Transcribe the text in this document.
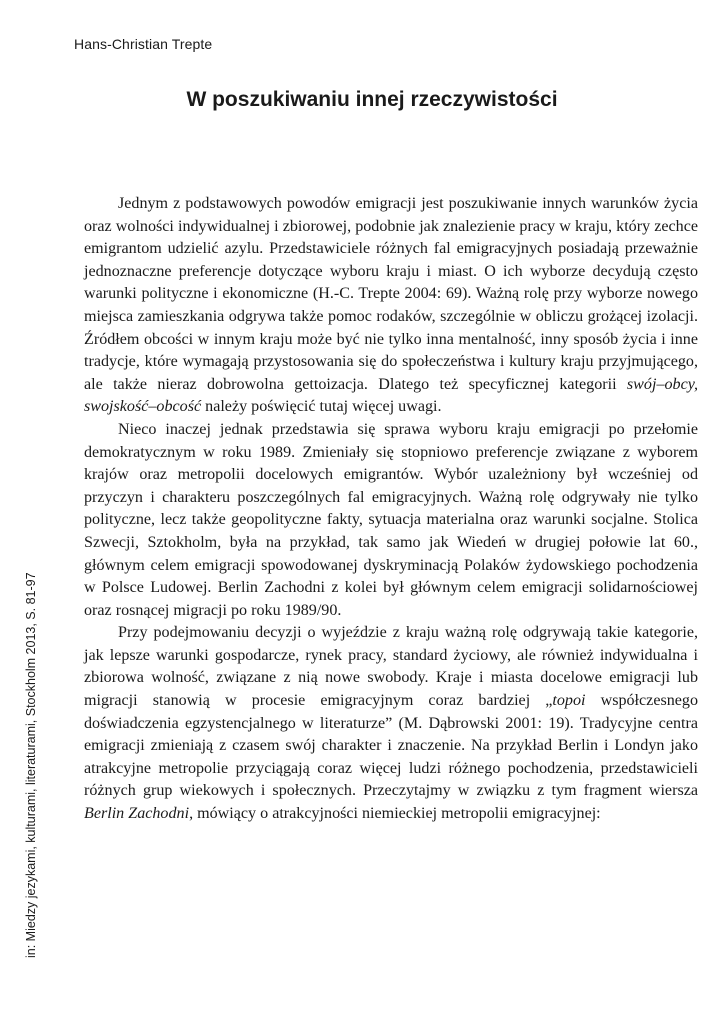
Hans-Christian Trepte
W poszukiwaniu innej rzeczywistości
in: Miedzy jezykami, kulturami, literaturami, Stockholm 2013, S. 81-97

Jednym z podstawowych powodów emigracji jest poszukiwanie innych warunków życia oraz wolności indywidualnej i zbiorowej, podobnie jak znalezienie pracy w kraju, który zechce emigrantom udzielić azylu. Przedstawiciele różnych fal emigracyjnych posiadają przeważnie jednoznaczne preferencje dotyczące wyboru kraju i miast. O ich wyborze decydują często warunki polityczne i ekonomiczne (H.-C. Trepte 2004: 69). Ważną rolę przy wyborze nowego miejsca zamieszkania odgrywa także pomoc rodaków, szczególnie w obliczu grożącej izolacji. Źródłem obcości w innym kraju może być nie tylko inna mentalność, inny sposób życia i inne tradycje, które wymagają przystosowania się do społeczeństwa i kultury kraju przyjmującego, ale także nieraz dobrowolna gettoizacja. Dlatego też specyficznej kategorii swój–obcy, swojskość–obcość należy poświęcić tutaj więcej uwagi.

Nieco inaczej jednak przedstawia się sprawa wyboru kraju emigracji po przełomie demokratycznym w roku 1989. Zmieniały się stopniowo preferencje związane z wyborem krajów oraz metropolii docelowych emigrantów. Wybór uzależniony był wcześniej od przyczyn i charakteru poszczególnych fal emigracyjnych. Ważną rolę odgrywały nie tylko polityczne, lecz także geopolityczne fakty, sytuacja materialna oraz warunki socjalne. Stolica Szwecji, Sztokholm, była na przykład, tak samo jak Wiedeń w drugiej połowie lat 60., głównym celem emigracji spowodowanej dyskryminacją Polaków żydowskiego pochodzenia w Polsce Ludowej. Berlin Zachodni z kolei był głównym celem emigracji solidarnościowej oraz rosnącej migracji po roku 1989/90.

Przy podejmowaniu decyzji o wyjeździe z kraju ważną rolę odgrywają takie kategorie, jak lepsze warunki gospodarcze, rynek pracy, standard życiowy, ale również indywidualna i zbiorowa wolność, związane z nią nowe swobody. Kraje i miasta docelowe emigracji lub migracji stanowią w procesie emigracyjnym coraz bardziej „topoi współczesnego doświadczenia egzystencjalnego w literaturze” (M. Dąbrowski 2001: 19). Tradycyjne centra emigracji zmieniają z czasem swój charakter i znaczenie. Na przykład Berlin i Londyn jako atrakcyjne metropolie przyciągają coraz więcej ludzi różnego pochodzenia, przedstawicieli różnych grup wiekowych i społecznych. Przeczytajmy w związku z tym fragment wiersza Berlin Zachodni, mówiący o atrakcyjności niemieckiej metropolii emigracyjnej:
